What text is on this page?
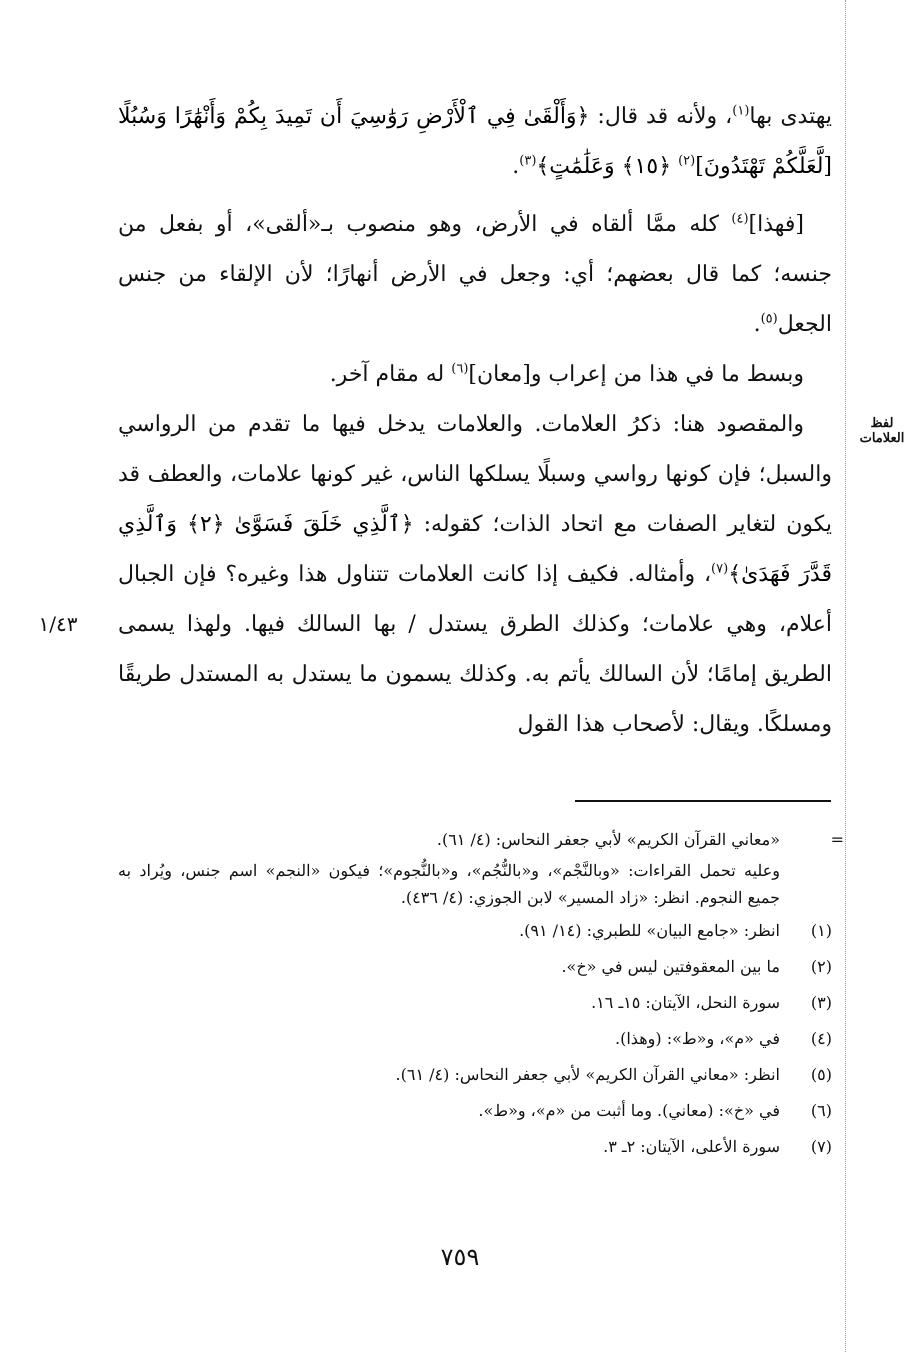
يهتدى بها$^{(١)}$، ولأنه قد قال: ﴿وَأَلْقَىٰ فِي ٱلْأَرْضِ رَوَٰسِيَ أَن تَمِيدَ بِكُمْ وَأَنْهَٰرًا وَسُبُلًا [لَّعَلَّكُمْ تَهْتَدُونَ]$^{(٢)}$ ﴿١٥﴾ وَعَلَٰمَٰتٍ﴾$^{(٣)}$.

[فهذا]$^{(٤)}$ كله ممَّا ألقاه في الأرض، وهو منصوب بـ«ألقى»، أو بفعل من جنسه؛ كما قال بعضهم؛ أي: وجعل في الأرض أنهارًا؛ لأن الإلقاء من جنس الجعل$^{(٥)}$.

وبسط ما في هذا من إعراب و[معان]$^{(٦)}$ له مقام آخر.

والمقصود هنا: ذكرُ العلامات. والعلامات يدخل فيها ما تقدم من الرواسي والسبل؛ فإن كونها رواسي وسبلًا يسلكها الناس، غير كونها علامات، والعطف قد يكون لتغاير الصفات مع اتحاد الذات؛ كقوله: ﴿ٱلَّذِي خَلَقَ فَسَوَّىٰ ﴿٢﴾ وَٱلَّذِي قَدَّرَ فَهَدَىٰ﴾$^{(٧)}$، وأمثاله. فكيف إذا كانت العلامات تتناول هذا وغيره؟ فإن الجبال أعلام، وهي علامات؛ وكذلك الطرق يستدل / بها السالك فيها. ولهذا يسمى الطريق إمامًا؛ لأن السالك يأتم به. وكذلك يسمون ما يستدل به المستدل طريقًا ومسلكًا. ويقال: لأصحاب هذا القول

لفظ العلامات
١/٤٣
=

«معاني القرآن الكريم» لأبي جعفر النحاس: (٤/ ٦١).

وعليه تحمل القراءات: «وبالنَّجْم»، و«بالنُّجُم»، و«بالنُّجوم»؛ فيكون «النجم» اسم جنس، ويُراد به جميع النجوم. انظر: «زاد المسير» لابن الجوزي: (٤/ ٤٣٦).

(١)
انظر: «جامع البيان» للطبري: (١٤/ ٩١).
(٢)
ما بين المعقوفتين ليس في «خ».
(٣)
سورة النحل، الآيتان: ١٥ـ ١٦.
(٤)
في «م»، و«ط»: (وهذا).
(٥)
انظر: «معاني القرآن الكريم» لأبي جعفر النحاس: (٤/ ٦١).
(٦)
في «خ»: (معاني). وما أثبت من «م»، و«ط».
(٧)
سورة الأعلى، الآيتان: ٢ـ ٣.
٧٥٩
